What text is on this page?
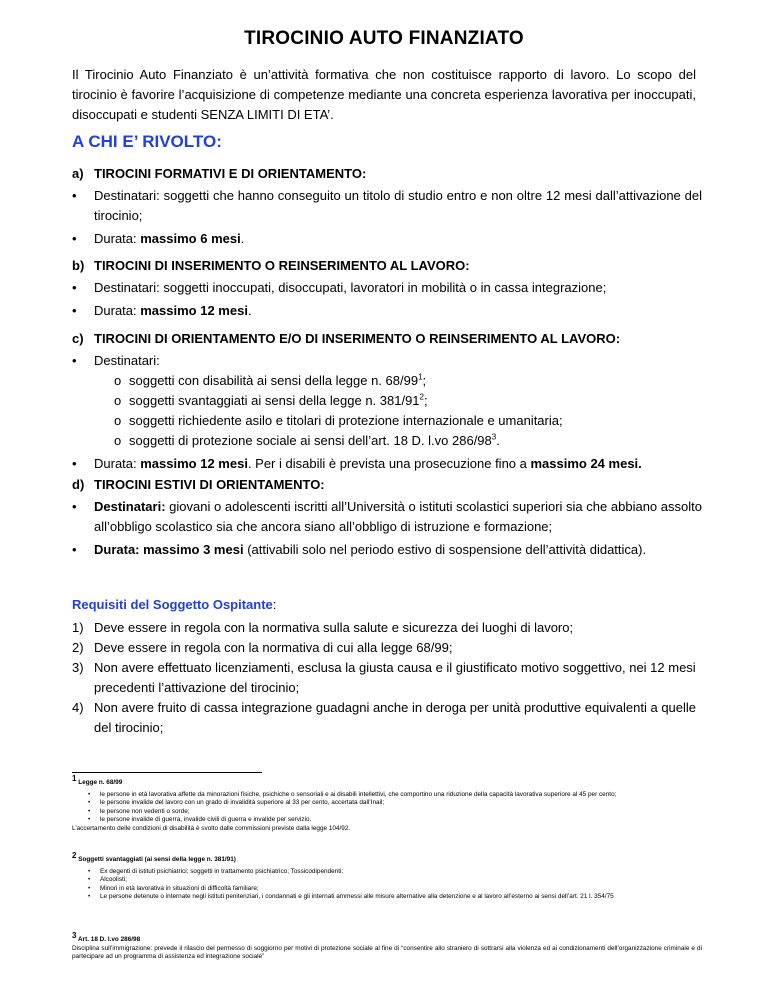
TIROCINIO AUTO FINANZIATO
Il Tirocinio Auto Finanziato è un’attività formativa che non costituisce rapporto di lavoro. Lo scopo del tirocinio è favorire l’acquisizione di competenze mediante una concreta esperienza lavorativa per inoccupati, disoccupati e studenti SENZA LIMITI DI ETA’.
A CHI E’ RIVOLTO:
a) TIROCINI FORMATIVI E DI ORIENTAMENTO:
• Destinatari: soggetti che hanno conseguito un titolo di studio entro e non oltre 12 mesi dall’attivazione del tirocinio;
• Durata: massimo 6 mesi.
b) TIROCINI DI INSERIMENTO O REINSERIMENTO AL LAVORO:
• Destinatari: soggetti inoccupati, disoccupati, lavoratori in mobilità o in cassa integrazione;
• Durata: massimo 12 mesi.
c) TIROCINI DI ORIENTAMENTO E/O DI INSERIMENTO O REINSERIMENTO AL LAVORO:
• Destinatari:
o soggetti con disabilità ai sensi della legge n. $68/99^1$;
o soggetti svantaggiati ai sensi della legge n. $381/91^2$;
o soggetti richiedente asilo e titolari di protezione internazionale e umanitaria;
o soggetti di protezione sociale ai sensi dell’art. 18 D. l.vo $286/98^3$.
• Durata: massimo 12 mesi. Per i disabili è prevista una prosecuzione fino a massimo 24 mesi.
d) TIROCINI ESTIVI DI ORIENTAMENTO:
• Destinatari: giovani o adolescenti iscritti all’Università o istituti scolastici superiori sia che abbiano assolto all’obbligo scolastico sia che ancora siano all’obbligo di istruzione e formazione;
• Durata: massimo 3 mesi (attivabili solo nel periodo estivo di sospensione dell’attività didattica).
Requisiti del Soggetto Ospitante:
1) Deve essere in regola con la normativa sulla salute e sicurezza dei luoghi di lavoro;
2) Deve essere in regola con la normativa di cui alla legge 68/99;
3) Non avere effettuato licenziamenti, esclusa la giusta causa e il giustificato motivo soggettivo, nei 12 mesi precedenti l’attivazione del tirocinio;
4) Non avere fruito di cassa integrazione guadagni anche in deroga per unità produttive equivalenti a quelle del tirocinio;
$^1$ Legge n. 68/99
• le persone in età lavorativa affette da minorazioni fisiche, psichiche o sensoriali e ai disabili intellettivi, che comportino una riduzione della capacità lavorativa superiore al 45 per cento;
• le persone invalide del lavoro con un grado di invalidità superiore al 33 per cento, accertata dall’Inail;
• le persone non vedenti o sorde;
• le persone invalide di guerra, invalide civili di guerra e invalide per servizio.
L’accertamento delle condizioni di disabilità è svolto dalle commissioni previste dalla legge 104/92.
$^2$ Soggetti svantaggiati (ai sensi della legge n. 381/91)
• Ex degenti di istituti psichiatrici; soggetti in trattamento psichiatrico; Tossicodipendenti;
• Alcoolisti;
• Minori in età lavorativa in situazioni di difficoltà familiare;
• Le persone detenute o internate negli istituti penitenziari, i condannati e gli internati ammessi alle misure alternative alla detenzione e al lavoro all’esterno ai sensi dell’art. 21 l. 354/75
$^3$ Art. 18 D. l.vo 286/98
Disciplina sull’immigrazione: prevede il rilascio del permesso di soggiorno per motivi di protezione sociale al fine di “consentire allo straniero di sottrarsi alla violenza ed ai condizionamenti dell’organizzazione criminale e di partecipare ad un programma di assistenza ed integrazione sociale”
